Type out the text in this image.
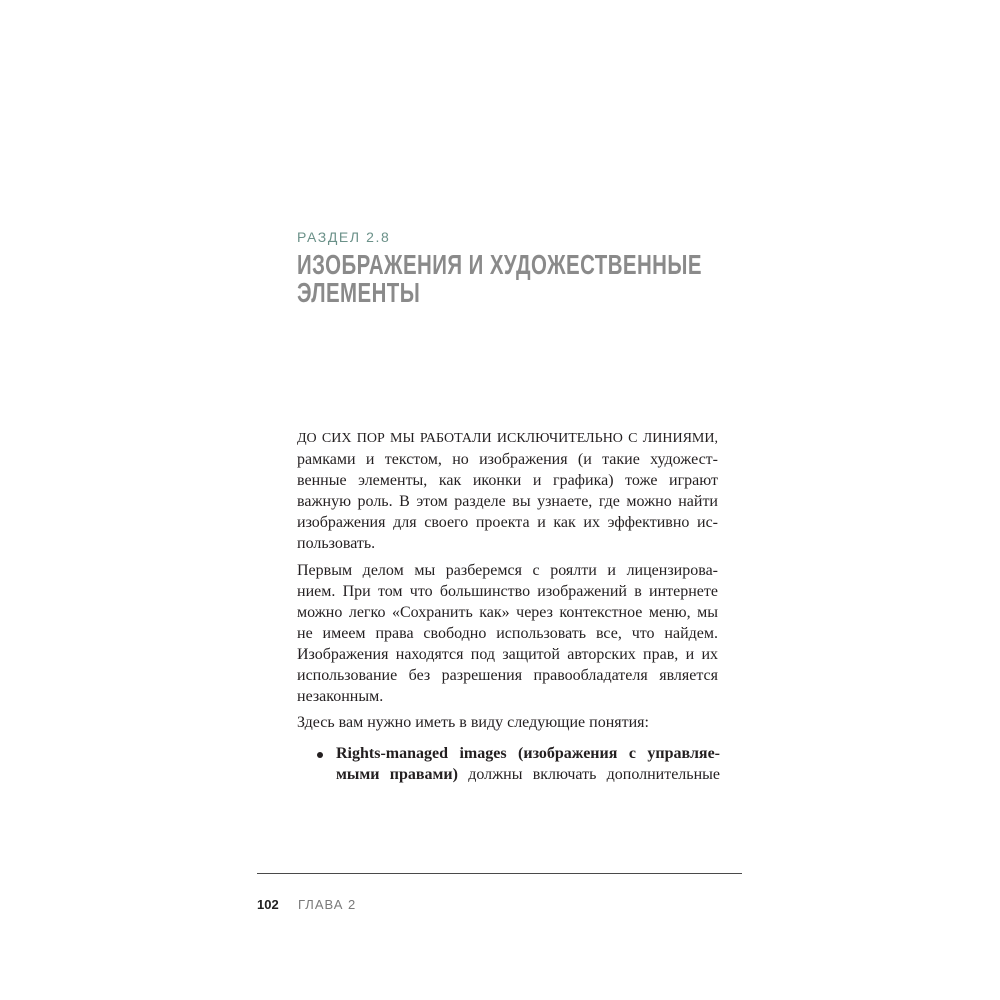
РАЗДЕЛ 2.8
ИЗОБРАЖЕНИЯ И ХУДОЖЕСТВЕННЫЕ
ЭЛЕМЕНТЫ
ДО СИХ ПОР МЫ РАБОТАЛИ ИСКЛЮЧИТЕЛЬНО С ЛИНИЯМИ,
рамками и текстом, но изображения (и такие художест-
венные элементы, как иконки и графика) тоже играют
важную роль. В этом разделе вы узнаете, где можно найти
изображения для своего проекта и как их эффективно ис-
пользовать.
Первым делом мы разберемся с роялти и лицензирова-
нием. При том что большинство изображений в интернете
можно легко «Сохранить как» через контекстное меню, мы
не имеем права свободно использовать все, что найдем.
Изображения находятся под защитой авторских прав, и их
использование без разрешения правообладателя является
незаконным.
Здесь вам нужно иметь в виду следующие понятия:
Rights-managed images (изображения с управляе-
мыми правами) должны включать дополнительные
102 ГЛАВА 2
